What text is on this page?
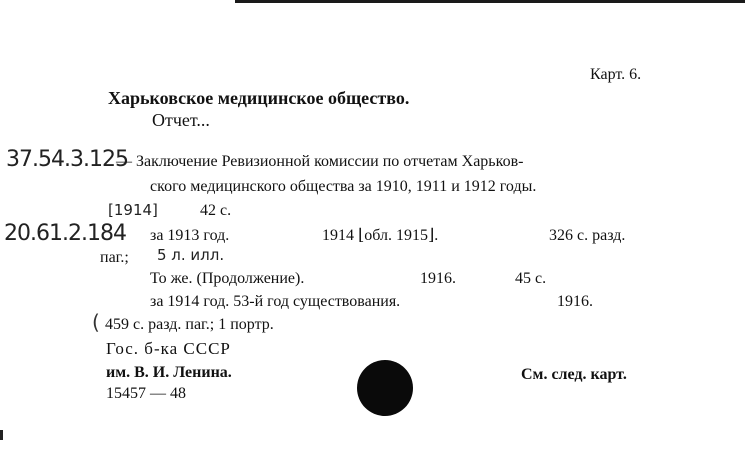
Карт. 6.
Харьковское медицинское общество.
Отчет...
37.54.3.125
— Заключение Ревизионной комиссии по отчетам Харьков-
ского медицинского общества за 1910, 1911 и 1912 годы.
[1914]	42 с.
20.61.2.184 за 1913 год.	1914 ⌊обл. 1915⌋.	326 с. разд.
паг.; 5 л. илл.
То же. (Продолжение).	1916.	45 с.
за 1914 год. 53-й год существования.	1916.
( 459 с. разд. паг.; 1 портр.
Гос. б-ка СССР
им. В. И. Ленина.
15457 — 48
См. след. карт.
